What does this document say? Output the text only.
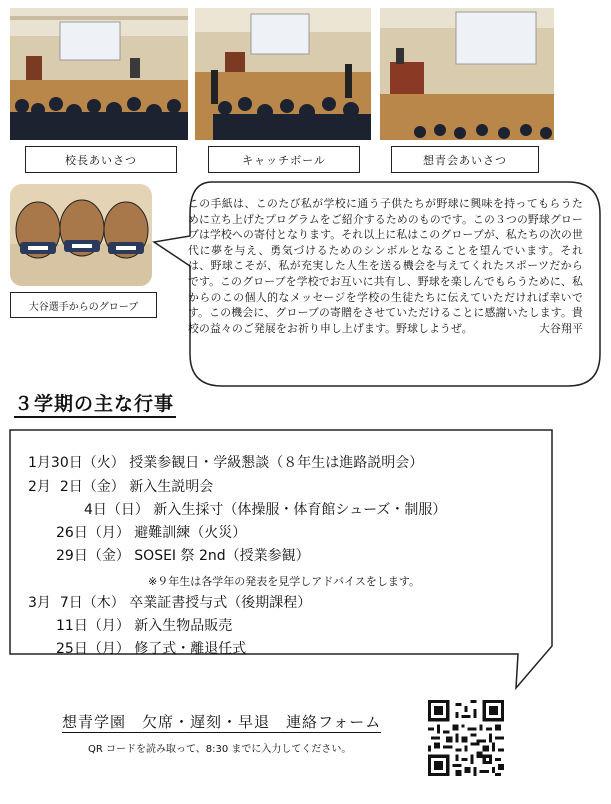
校長あいさつ	キャッチボール	想青会あいさつ
大谷選手からのグローブ
この手紙は、このたび私が学校に通う子供たちが野球に興味を持ってもらうために立ち上げたプログラムをご紹介するためのものです。この３つの野球グローブは学校への寄付となります。それ以上に私はこのグローブが、私たちの次の世代に夢を与え、勇気づけるためのシンボルとなることを望んでいます。それは、野球こそが、私が充実した人生を送る機会を与えてくれたスポーツだからです。このグローブを学校でお互いに共有し、野球を楽しんでもらうために、私からのこの個人的なメッセージを学校の生徒たちに伝えていただければ幸いです。この機会に、グローブの寄贈をさせていただけることに感謝いたします。貴校の益々のご発展をお祈り申し上げます。野球しようぜ。	大谷翔平
３学期の主な行事
1月30日（火） 授業参観日・学級懇談（８年生は進路説明会）
2月 2日（金） 新入生説明会
4日（日） 新入生採寸（体操服・体育館シューズ・制服）
26日（月） 避難訓練（火災）
29日（金） SOSEI 祭 2nd（授業参観）
※９年生は各学年の発表を見学しアドバイスをします。
3月 7日（木） 卒業証書授与式（後期課程）
11日（月） 新入生物品販売
25日（月） 修了式・離退任式
想青学園　欠席・遅刻・早退　連絡フォーム
QR コードを読み取って、8:30 までに入力してください。
